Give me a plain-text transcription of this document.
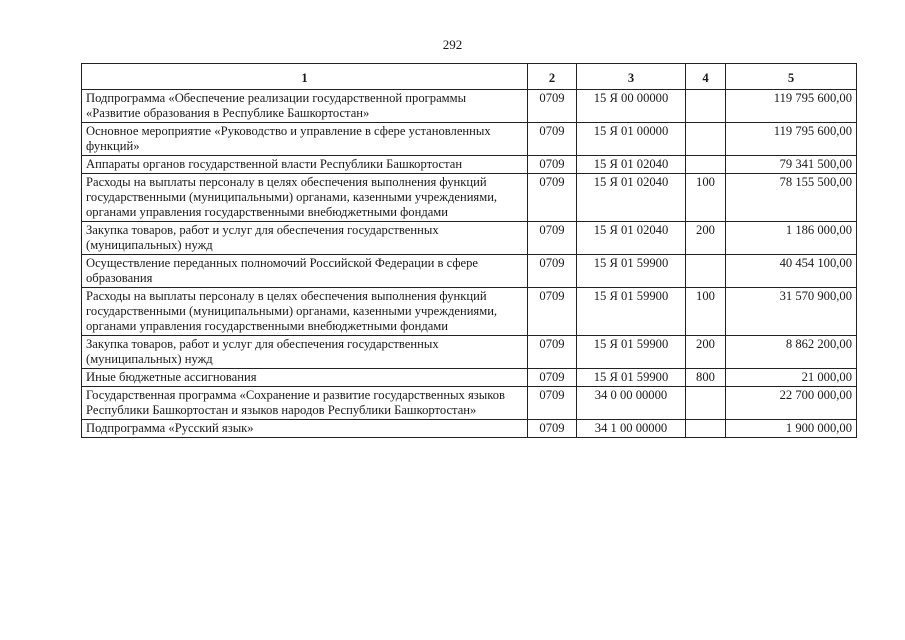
292
1	2	3	4	5
Подпрограмма «Обеспечение реализации государственной программы «Развитие образования в Республике Башкортостан»	0709	15 Я 00 00000		119 795 600,00
Основное мероприятие «Руководство и управление в сфере установленных функций»	0709	15 Я 01 00000		119 795 600,00
Аппараты органов государственной власти Республики Башкортостан	0709	15 Я 01 02040		79 341 500,00
Расходы на выплаты персоналу в целях обеспечения выполнения функций государственными (муниципальными) органами, казенными учреждениями, органами управления государственными внебюджетными фондами	0709	15 Я 01 02040	100	78 155 500,00
Закупка товаров, работ и услуг для обеспечения государственных (муниципальных) нужд	0709	15 Я 01 02040	200	1 186 000,00
Осуществление переданных полномочий Российской Федерации в сфере образования	0709	15 Я 01 59900		40 454 100,00
Расходы на выплаты персоналу в целях обеспечения выполнения функций государственными (муниципальными) органами, казенными учреждениями, органами управления государственными внебюджетными фондами	0709	15 Я 01 59900	100	31 570 900,00
Закупка товаров, работ и услуг для обеспечения государственных (муниципальных) нужд	0709	15 Я 01 59900	200	8 862 200,00
Иные бюджетные ассигнования	0709	15 Я 01 59900	800	21 000,00
Государственная программа «Сохранение и развитие государственных языков Республики Башкортостан и языков народов Республики Башкортостан»	0709	34 0 00 00000		22 700 000,00
Подпрограмма «Русский язык»	0709	34 1 00 00000		1 900 000,00
